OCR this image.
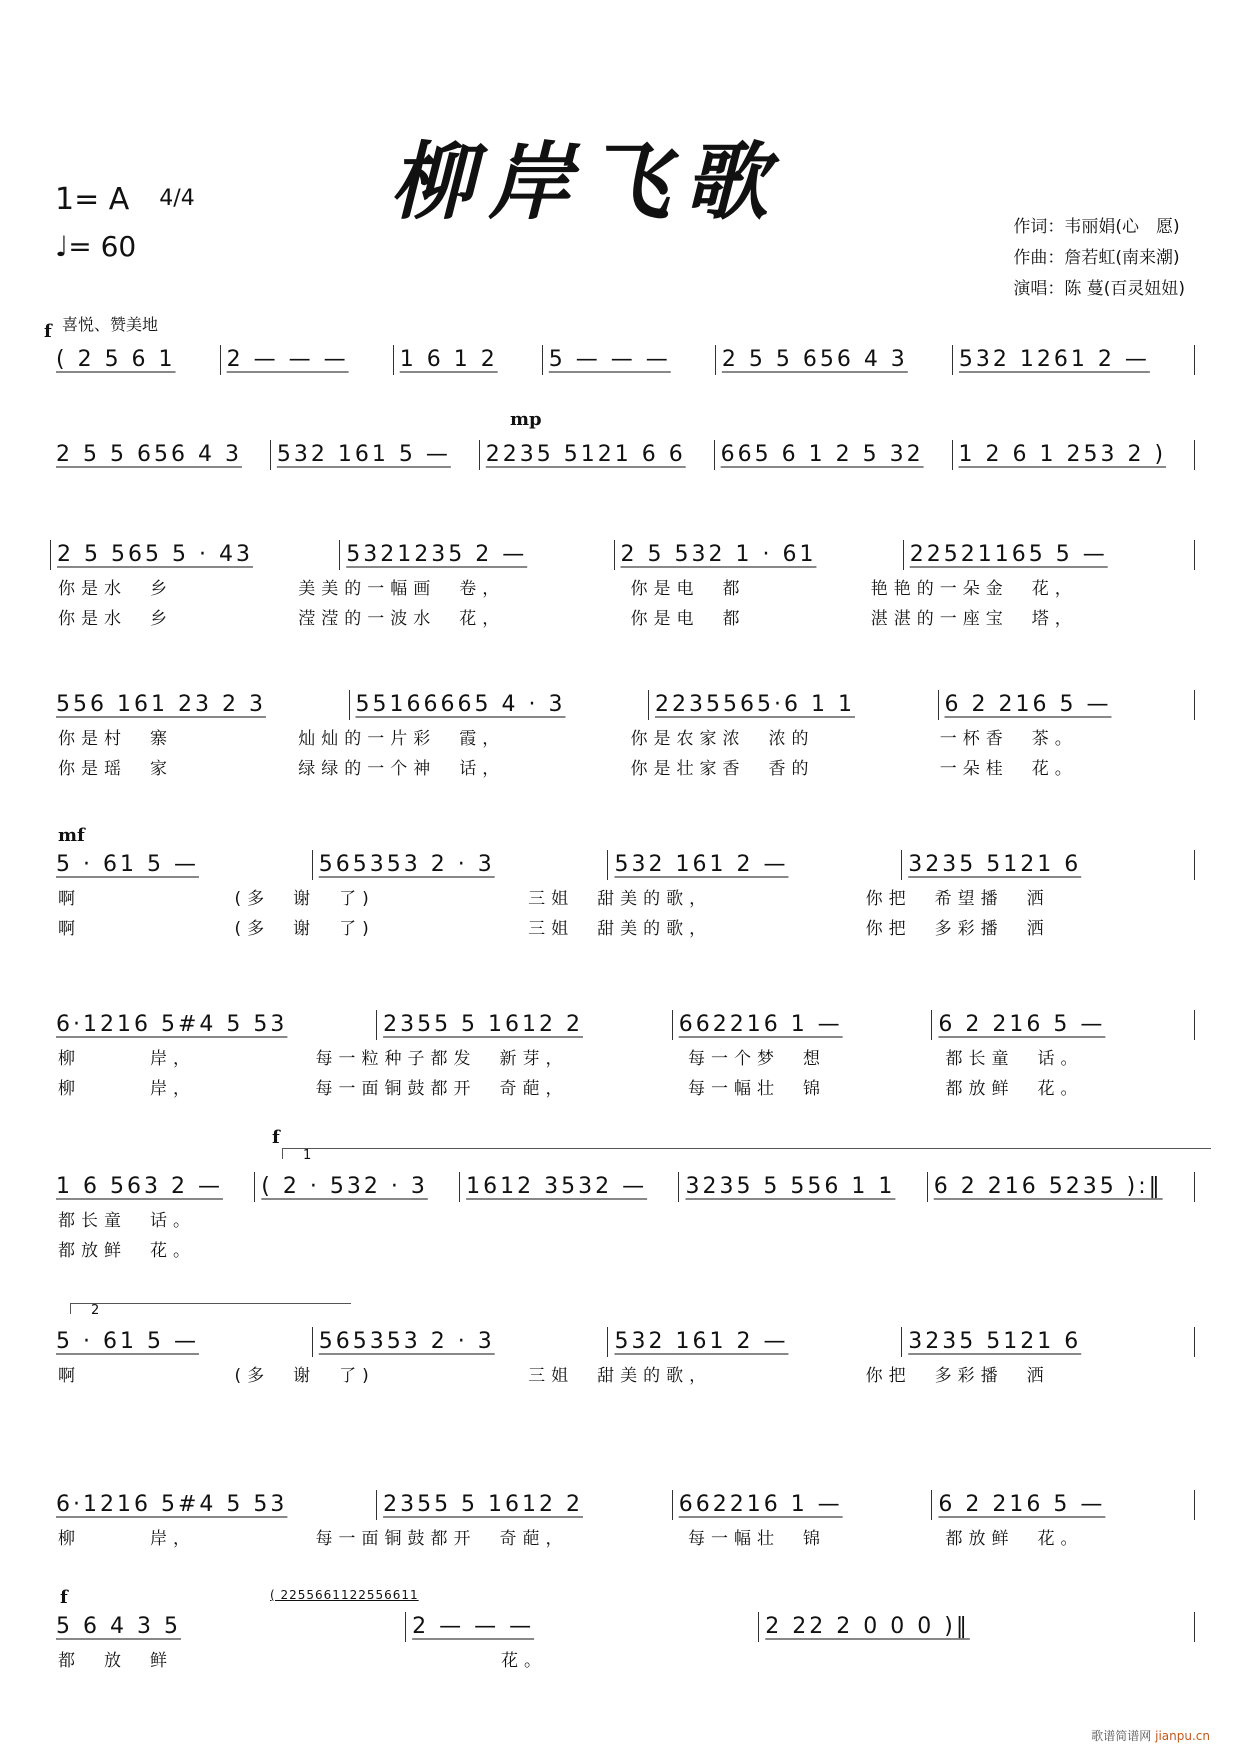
柳岸飞歌
1= A 4/4
♩= 60
作词：韦丽娟(心　愿)
作曲：詹若虹(南来潮)
演唱：陈 蔓(百灵妞妞)
f 喜悦、赞美地
mp
mf
f
1
2
f	( 2255661122556611
( 2 5 6 1	2 — — —	1 6 1 2	5 — — —	2 5 5 656 4 3	532 1261 2 —
2 5 5 656 4 3	532 161 5 —	2235 5121 6 6	665 6 1 2 5 32	1 2 6 1 253 2 )
2 5 565 5 · 43	5321235 2 —	2 5 532 1 · 61	22521165 5 —
你是水　乡	美美的一幅画　卷，	你是电　都	艳艳的一朵金　花，
你是水　乡	滢滢的一波水　花，	你是电　都	湛湛的一座宝　塔，
556 161 23 2 3	55166665 4 · 3	2235565·6 1 1	6 2 216 5 —
你是村　寨	灿灿的一片彩　霞，	你是农家浓　浓的	一杯香　茶。
你是瑶　家	绿绿的一个神　话，	你是壮家香　香的	一朵桂　花。
5 · 61 5 —	565353 2 · 3	532 161 2 —	3235 5121 6
啊	(多　谢　了)	三姐　甜美的歌，	你把　希望播　洒
啊	(多　谢　了)	三姐　甜美的歌，	你把　多彩播　洒
6·1216 5#4 5 53	2355 5 1612 2	662216 1 —	6 2 216 5 —
柳　　　岸，	每一粒种子都发　新芽，	每一个梦　想	都长童　话。
柳　　　岸，	每一面铜鼓都开　奇葩，	每一幅壮　锦	都放鲜　花。
1 6 563 2 —	( 2 · 532 · 3	1612 3532 —	3235 5 556 1 1	6 2 216 5235 ):‖
都长童　话。
都放鲜　花。
5 · 61 5 —	565353 2 · 3	532 161 2 —	3235 5121 6
啊	(多　谢　了)	三姐　甜美的歌，	你把　多彩播　洒
6·1216 5#4 5 53	2355 5 1612 2	662216 1 —	6 2 216 5 —
柳　　　岸，	每一面铜鼓都开　奇葩，	每一幅壮　锦	都放鲜　花。
5 6 4 3 5	2 — — —	2 22 2 0 0 0 )‖
都　放　鲜	花。
歌谱简谱网 jianpu.cn
